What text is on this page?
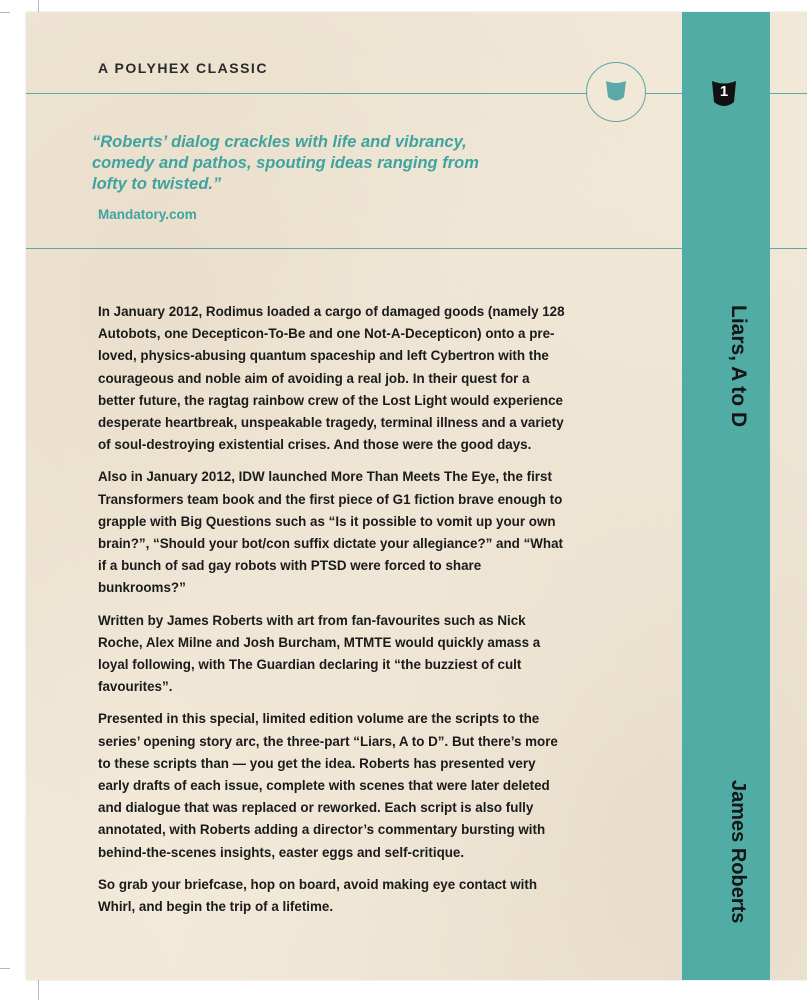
A POLYHEX CLASSIC
“Roberts’ dialog crackles with life and vibrancy, comedy and pathos, spouting ideas ranging from lofty to twisted.”
Mandatory.com
1
Liars, A to D
James Roberts

In January 2012, Rodimus loaded a cargo of damaged goods (namely 128 Autobots, one Decepticon-To-Be and one Not-A-Decepticon) onto a pre-loved, physics-abusing quantum spaceship and left Cybertron with the courageous and noble aim of avoiding a real job. In their quest for a better future, the ragtag rainbow crew of the Lost Light would experience desperate heartbreak, unspeakable tragedy, terminal illness and a variety of soul-destroying existential crises. And those were the good days.

Also in January 2012, IDW launched More Than Meets The Eye, the first Transformers team book and the first piece of G1 fiction brave enough to grapple with Big Questions such as “Is it possible to vomit up your own brain?”, “Should your bot/con suffix dictate your allegiance?” and “What if a bunch of sad gay robots with PTSD were forced to share bunkrooms?”

Written by James Roberts with art from fan-favourites such as Nick Roche, Alex Milne and Josh Burcham, MTMTE would quickly amass a loyal following, with The Guardian declaring it “the buzziest of cult favourites”.

Presented in this special, limited edition volume are the scripts to the series’ opening story arc, the three-part “Liars, A to D”. But there’s more to these scripts than — you get the idea. Roberts has presented very early drafts of each issue, complete with scenes that were later deleted and dialogue that was replaced or reworked. Each script is also fully annotated, with Roberts adding a director’s commentary bursting with behind-the-scenes insights, easter eggs and self-critique.

So grab your briefcase, hop on board, avoid making eye contact with Whirl, and begin the trip of a lifetime.
